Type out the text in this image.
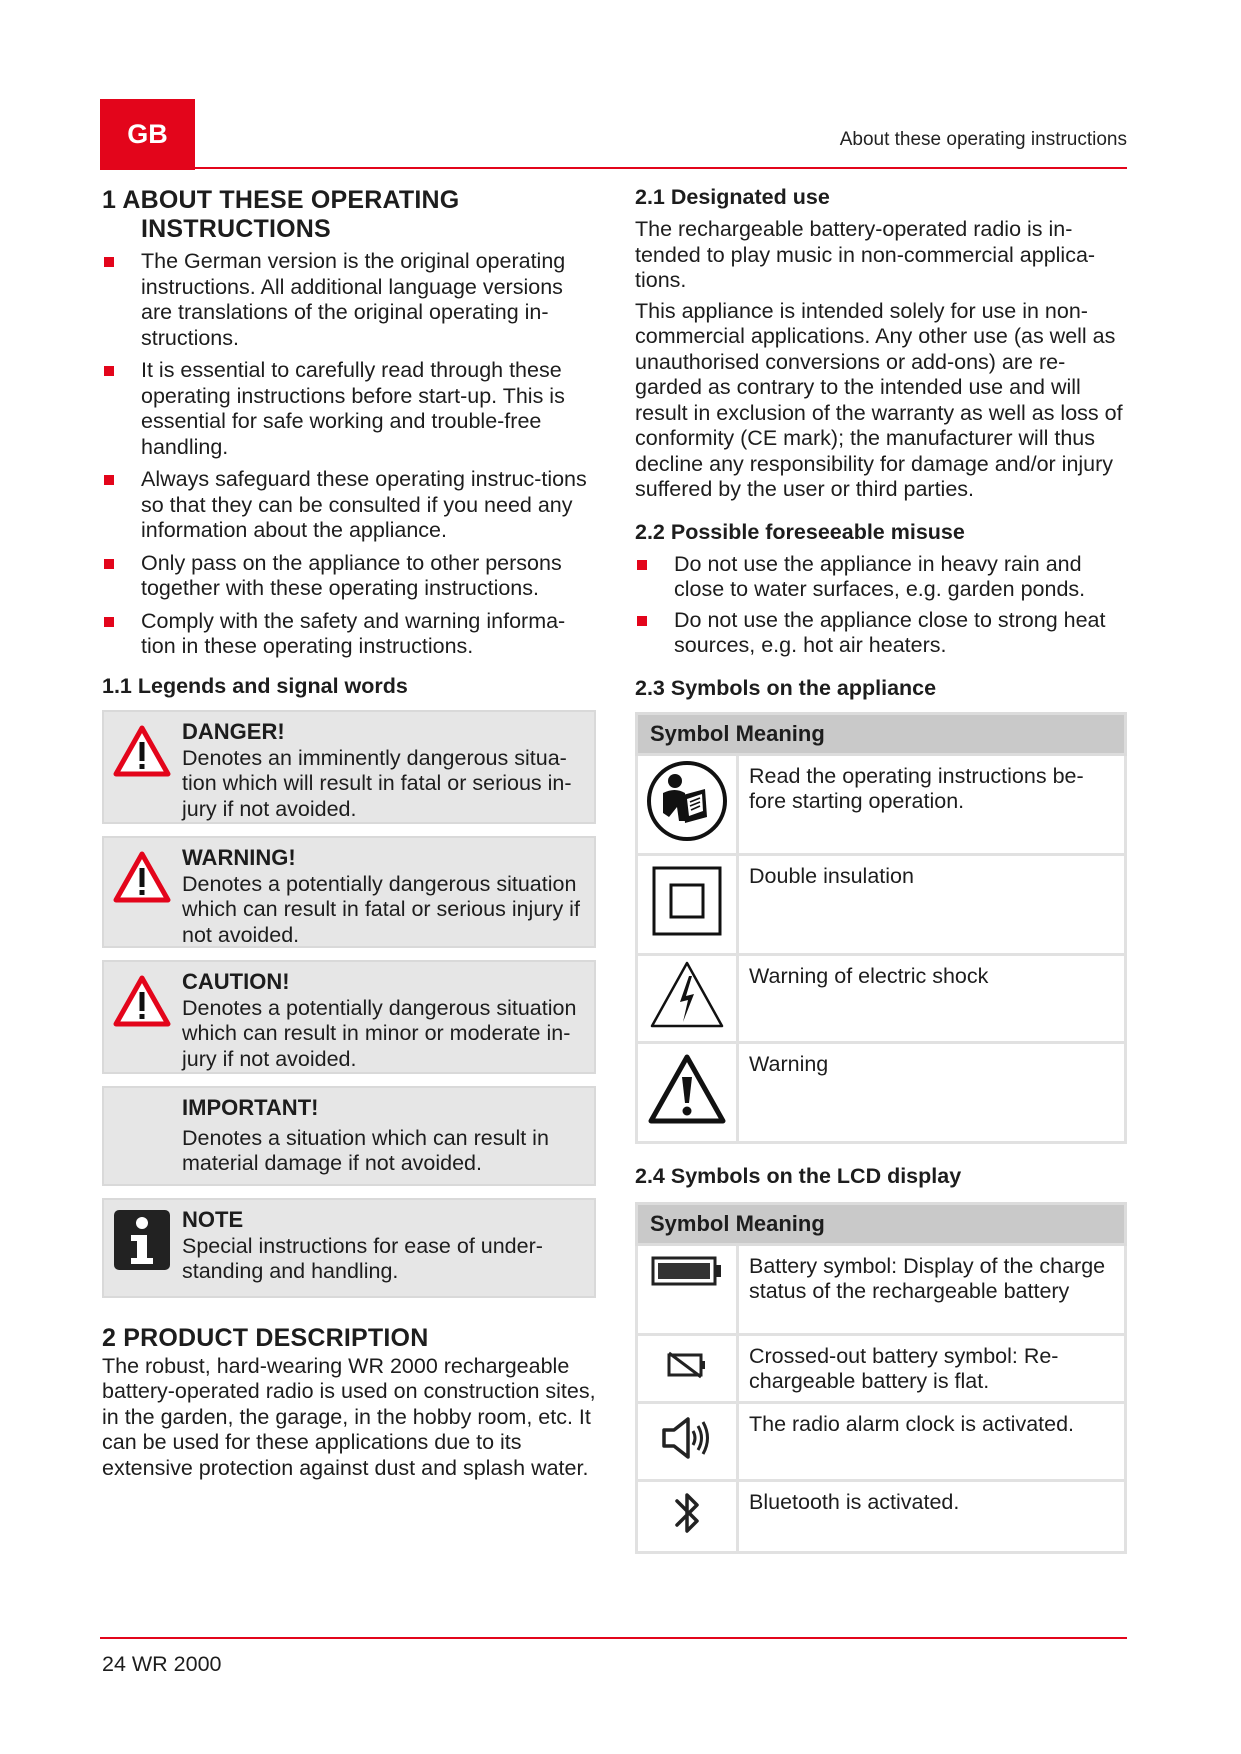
GB	About these operating instructions
1 ABOUT THESE OPERATING
INSTRUCTIONS
The German version is the original operating instructions. All additional language versions are translations of the original operating in-structions.
It is essential to carefully read through these operating instructions before start-up. This is essential for safe working and trouble-free handling.
Always safeguard these operating instruc-tions so that they can be consulted if you need any information about the appliance.
Only pass on the appliance to other persons together with these operating instructions.
Comply with the safety and warning informa-tion in these operating instructions.
1.1 Legends and signal words
DANGER!
Denotes an imminently dangerous situa-tion which will result in fatal or serious in-jury if not avoided.
WARNING!
Denotes a potentially dangerous situation which can result in fatal or serious injury if not avoided.
CAUTION!
Denotes a potentially dangerous situation which can result in minor or moderate in-jury if not avoided.
IMPORTANT!
Denotes a situation which can result in material damage if not avoided.
NOTE
Special instructions for ease of under-standing and handling.
2 PRODUCT DESCRIPTION

The robust, hard-wearing WR 2000 rechargeable battery-operated radio is used on construction sites, in the garden, the garage, in the hobby room, etc. It can be used for these applications due to its extensive protection against dust and splash water.

2.1 Designated use

The rechargeable battery-operated radio is in-tended to play music in non-commercial applica-tions.

This appliance is intended solely for use in non-commercial applications. Any other use (as well as unauthorised conversions or add-ons) are re-garded as contrary to the intended use and will result in exclusion of the warranty as well as loss of conformity (CE mark); the manufacturer will thus decline any responsibility for damage and/or injury suffered by the user or third parties.

2.2 Possible foreseeable misuse
Do not use the appliance in heavy rain and close to water surfaces, e.g. garden ponds.
Do not use the appliance close to strong heat sources, e.g. hot air heaters.
2.3 Symbols on the appliance
Symbol Meaning	
	Read the operating instructions be-fore starting operation.
	Double insulation
	Warning of electric shock
	Warning
2.4 Symbols on the LCD display
Symbol Meaning	
	Battery symbol: Display of the charge status of the rechargeable battery
	Crossed-out battery symbol: Re-chargeable battery is flat.
	The radio alarm clock is activated.
	Bluetooth is activated.
24 WR 2000
